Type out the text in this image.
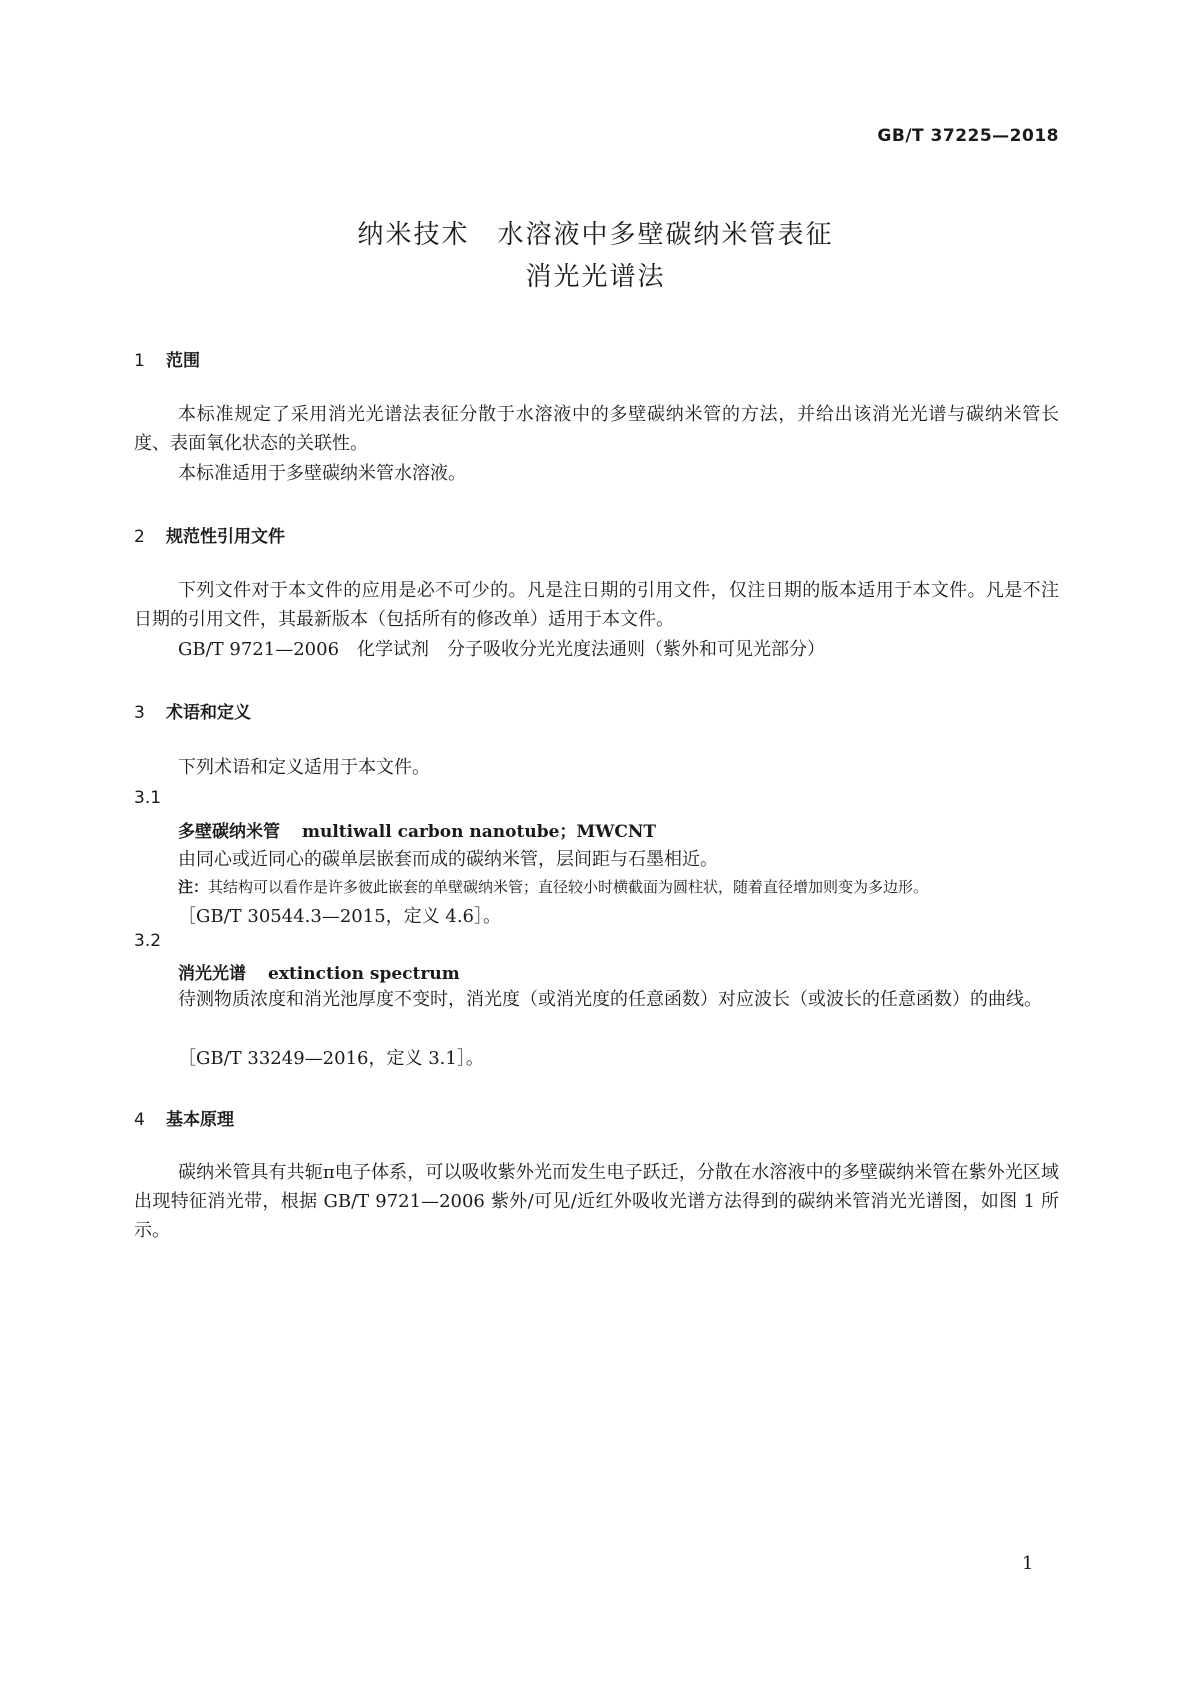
GB/T 37225—2018
纳米技术 水溶液中多壁碳纳米管表征
消光光谱法
1 范围
本标准规定了采用消光光谱法表征分散于水溶液中的多壁碳纳米管的方法，并给出该消光光谱与碳纳米管长度、表面氧化状态的关联性。
本标准适用于多壁碳纳米管水溶液。
2 规范性引用文件
下列文件对于本文件的应用是必不可少的。凡是注日期的引用文件，仅注日期的版本适用于本文件。凡是不注日期的引用文件，其最新版本（包括所有的修改单）适用于本文件。
GB/T 9721—2006　化学试剂　分子吸收分光光度法通则（紫外和可见光部分）
3 术语和定义
下列术语和定义适用于本文件。
3.1
多壁碳纳米管 multiwall carbon nanotube；MWCNT
由同心或近同心的碳单层嵌套而成的碳纳米管，层间距与石墨相近。
注：其结构可以看作是许多彼此嵌套的单壁碳纳米管；直径较小时横截面为圆柱状，随着直径增加则变为多边形。
［GB/T 30544.3—2015，定义 4.6］。
3.2
消光光谱 extinction spectrum
待测物质浓度和消光池厚度不变时，消光度（或消光度的任意函数）对应波长（或波长的任意函数）的曲线。
［GB/T 33249—2016，定义 3.1］。
4 基本原理
碳纳米管具有共轭π电子体系，可以吸收紫外光而发生电子跃迁，分散在水溶液中的多壁碳纳米管在紫外光区域出现特征消光带，根据 GB/T 9721—2006 紫外/可见/近红外吸收光谱方法得到的碳纳米管消光光谱图，如图 1 所示。
1
